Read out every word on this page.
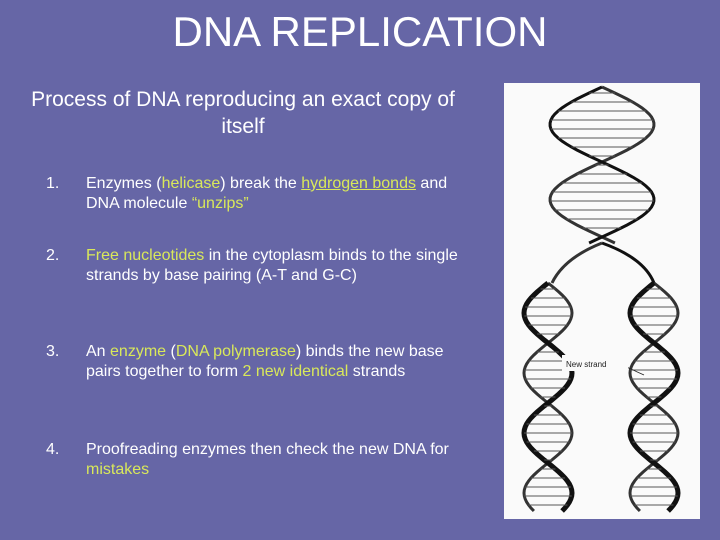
DNA REPLICATION
Process of DNA reproducing an exact copy of itself
1.	Enzymes (helicase) break the hydrogen bonds and DNA molecule “unzips”
2.	Free nucleotides in the cytoplasm binds to the single strands by base pairing (A-T and G-C)
3.	An enzyme (DNA polymerase) binds the new base pairs together to form 2 new identical strands
4.	Proofreading enzymes then check the new DNA for mistakes
New strand
